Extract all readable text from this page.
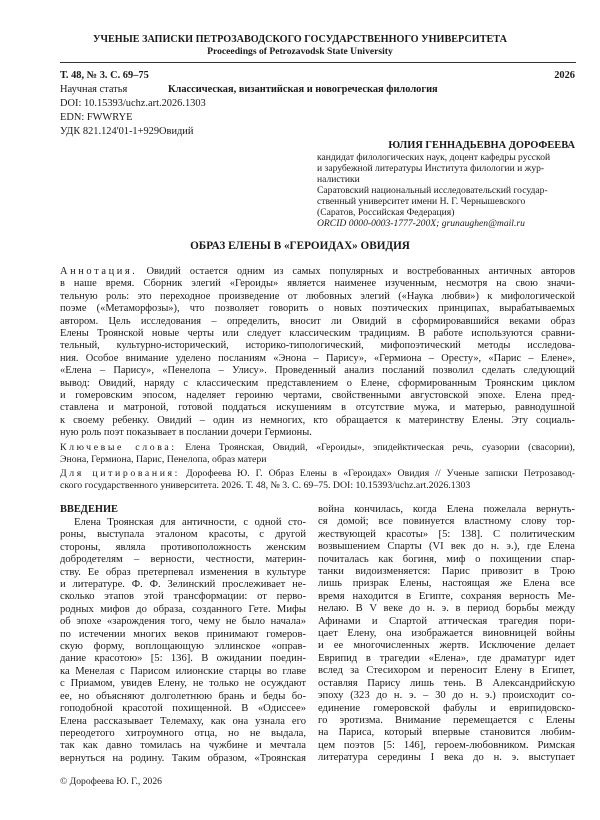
УЧЕНЫЕ ЗАПИСКИ ПЕТРОЗАВОДСКОГО ГОСУДАРСТВЕННОГО УНИВЕРСИТЕТА
Proceedings of Petrozavodsk State University
Т. 48, № 3. С. 69–75	2026
Научная статья	Классическая, византийская и новогреческая филология
DOI: 10.15393/uchz.art.2026.1303
EDN: FWWRYE
УДК 821.124'01-1+929Овидий
ЮЛИЯ ГЕННАДЬЕВНА ДОРОФЕЕВА
кандидат филологических наук, доцент кафедры русской
и зарубежной литературы Института филологии и жур-
налистики
Саратовский национальный исследовательский государ-
ственный университет имени Н. Г. Чернышевского
(Саратов, Российская Федерация)
ORCID 0000-0003-1777-200X; grunaughen@mail.ru
ОБРАЗ ЕЛЕНЫ В «ГЕРОИДАХ» ОВИДИЯ
Аннотация. Овидий остается одним из самых популярных и востребованных античных авторов
в наше время. Сборник элегий «Героиды» является наименее изученным, несмотря на свою значи-
тельную роль: это переходное произведение от любовных элегий («Наука любви») к мифологической
поэме («Метаморфозы»), что позволяет говорить о новых поэтических принципах, вырабатываемых
автором. Цель исследования – определить, вносит ли Овидий в сформировавшийся веками образ
Елены Троянской новые черты или следует классическим традициям. В работе используются сравни-
тельный, культурно-исторический, историко-типологический, мифопоэтический методы исследова-
ния. Особое внимание уделено посланиям «Энона – Парису», «Гермиона – Оресту», «Парис – Елене»,
«Елена – Парису», «Пенелопа – Улису». Проведенный анализ посланий позволил сделать следующий
вывод: Овидий, наряду с классическим представлением о Елене, сформированным Троянским циклом
и гомеровским эпосом, наделяет героиню чертами, свойственными августовской эпохе. Елена пред-
ставлена и матроной, готовой поддаться искушениям в отсутствие мужа, и матерью, равнодушной
к своему ребенку. Овидий – один из немногих, кто обращается к материнству Елены. Эту социаль-
ную роль поэт показывает в послании дочери Гермионы.
Ключевые слова: Елена Троянская, Овидий, «Героиды», эпидейктическая речь, суазории (свасории),
Энона, Гермиона, Парис, Пенелопа, образ матери
Для цитирования: Дорофеева Ю. Г. Образ Елены в «Героидах» Овидия // Ученые записки Петрозавод-
ского государственного университета. 2026. Т. 48, № 3. С. 69–75. DOI: 10.15393/uchz.art.2026.1303
ВВЕДЕНИЕ
Елена Троянская для античности, с одной сто-
роны, выступала эталоном красоты, с другой
стороны, являла противоположность женским
добродетелям – верности, честности, материн-
ству. Ее образ претерпевал изменения в культуре
и литературе. Ф. Ф. Зелинский прослеживает не-
сколько этапов этой трансформации: от перво-
родных мифов до образа, созданного Гете. Мифы
об эпохе «зарождения того, чему не было начала»
по истечении многих веков принимают гомеров-
скую форму, воплощающую эллинское «оправ-
дание красотою» [5: 136]. В ожидании поедин-
ка Менелая с Парисом илионские старцы во главе
с Приамом, увидев Елену, не только не осуждают
ее, но объясняют долголетнюю брань и беды бо-
гоподобной красотой похищенной. В «Одиссее»
Елена рассказывает Телемаху, как она узнала его
переодетого хитроумного отца, но не выдала,
так как давно томилась на чужбине и мечтала
вернуться на родину. Таким образом, «Троянская
война кончилась, когда Елена пожелала вернуть-
ся домой; все повинуется властному слову тор-
жествующей красоты» [5: 138]. С политическим
возвышением Спарты (VI век до н. э.), где Елена
почиталась как богиня, миф о похищении спар-
танки видоизменяется: Парис привозит в Трою
лишь призрак Елены, настоящая же Елена все
время находится в Египте, сохраняя верность Ме-
нелаю. В V веке до н. э. в период борьбы между
Афинами и Спартой аттическая трагедия пори-
цает Елену, она изображается виновницей войны
и ее многочисленных жертв. Исключение делает
Еврипид в трагедии «Елена», где драматург идет
вслед за Стесихором и переносит Елену в Египет,
оставляя Парису лишь тень. В Александрийскую
эпоху (323 до н. э. – 30 до н. э.) происходит со-
единение гомеровской фабулы и еврипидовско-
го эротизма. Внимание перемещается с Елены
на Париса, который впервые становится любим-
цем поэтов [5: 146], героем-любовником. Римская
литература середины I века до н. э. выступает
© Дорофеева Ю. Г., 2026
